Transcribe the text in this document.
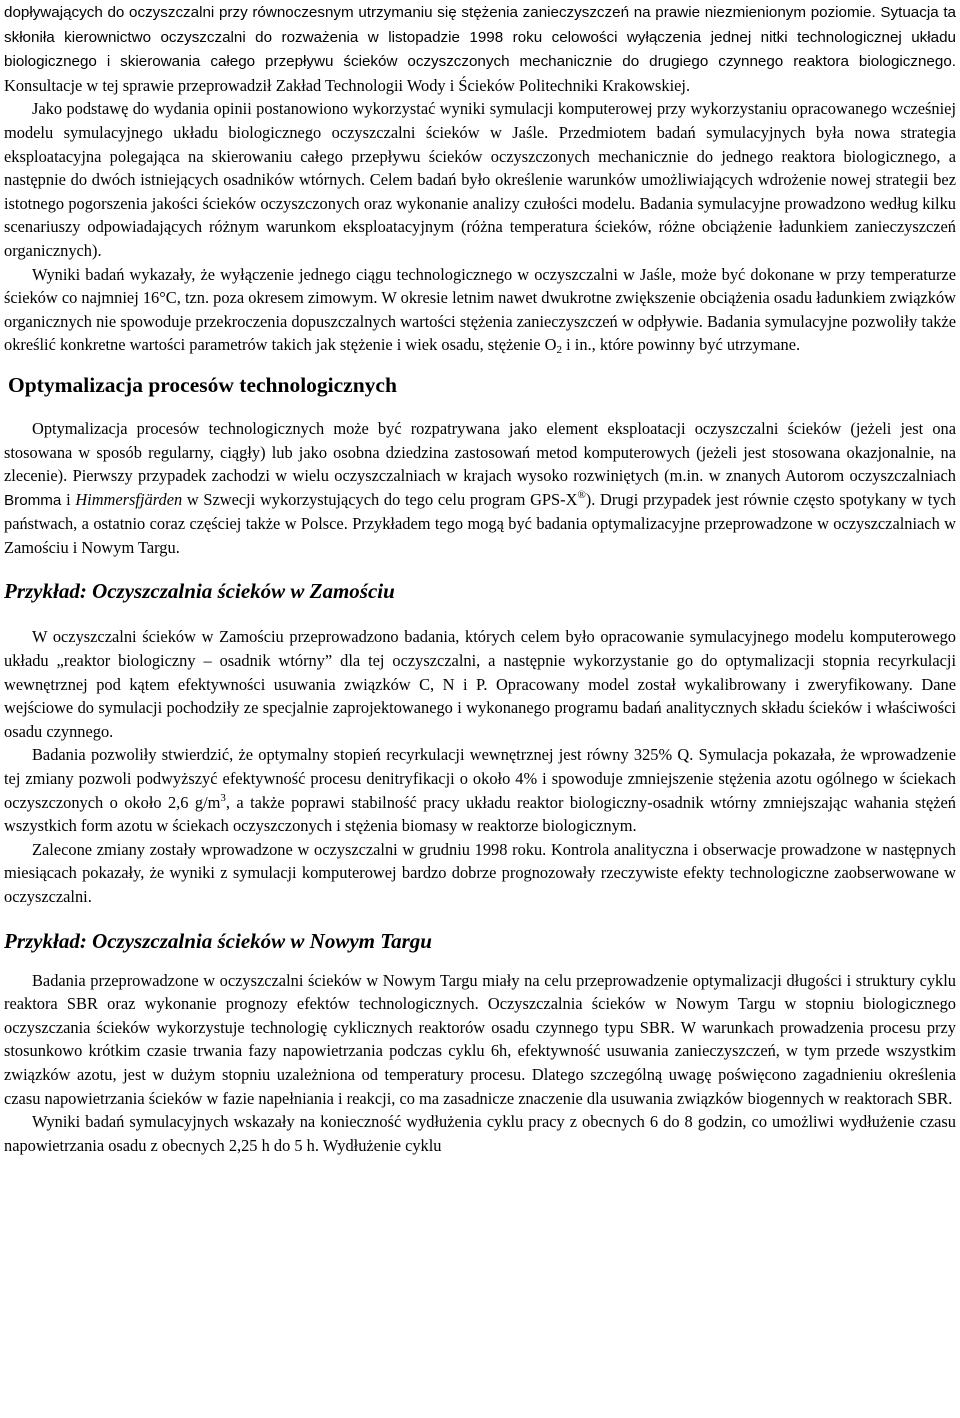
dopływających do oczyszczalni przy równoczesnym utrzymaniu się stężenia zanieczyszczeń na prawie niezmienionym poziomie. Sytuacja ta skłoniła kierownictwo oczyszczalni do rozważenia w listopadzie 1998 roku celowości wyłączenia jednej nitki technologicznej układu biologicznego i skierowania całego przepływu ścieków oczyszczonych mechanicznie do drugiego czynnego reaktora biologicznego. Konsultacje w tej sprawie przeprowadził Zakład Technologii Wody i Ścieków Politechniki Krakowskiej.

Jako podstawę do wydania opinii postanowiono wykorzystać wyniki symulacji komputerowej przy wykorzystaniu opracowanego wcześniej modelu symulacyjnego układu biologicznego oczyszczalni ścieków w Jaśle. Przedmiotem badań symulacyjnych była nowa strategia eksploatacyjna polegająca na skierowaniu całego przepływu ścieków oczyszczonych mechanicznie do jednego reaktora biologicznego, a następnie do dwóch istniejących osadników wtórnych. Celem badań było określenie warunków umożliwiających wdrożenie nowej strategii bez istotnego pogorszenia jakości ścieków oczyszczonych oraz wykonanie analizy czułości modelu. Badania symulacyjne prowadzono według kilku scenariuszy odpowiadających różnym warunkom eksploatacyjnym (różna temperatura ścieków, różne obciążenie ładunkiem zanieczyszczeń organicznych).

Wyniki badań wykazały, że wyłączenie jednego ciągu technologicznego w oczyszczalni w Jaśle, może być dokonane w przy temperaturze ścieków co najmniej 16°C, tzn. poza okresem zimowym. W okresie letnim nawet dwukrotne zwiększenie obciążenia osadu ładunkiem związków organicznych nie spowoduje przekroczenia dopuszczalnych wartości stężenia zanieczyszczeń w odpływie. Badania symulacyjne pozwoliły także określić konkretne wartości parametrów takich jak stężenie i wiek osadu, stężenie $O_2$ i in., które powinny być utrzymane.

Optymalizacja procesów technologicznych

Optymalizacja procesów technologicznych może być rozpatrywana jako element eksploatacji oczyszczalni ścieków (jeżeli jest ona stosowana w sposób regularny, ciągły) lub jako osobna dziedzina zastosowań metod komputerowych (jeżeli jest stosowana okazjonalnie, na zlecenie). Pierwszy przypadek zachodzi w wielu oczyszczalniach w krajach wysoko rozwiniętych (m.in. w znanych Autorom oczyszczalniach Bromma i Himmersfjärden w Szwecji wykorzystujących do tego celu program GPS-X®). Drugi przypadek jest równie często spotykany w tych państwach, a ostatnio coraz częściej także w Polsce. Przykładem tego mogą być badania optymalizacyjne przeprowadzone w oczyszczalniach w Zamościu i Nowym Targu.

Przykład: Oczyszczalnia ścieków w Zamościu

W oczyszczalni ścieków w Zamościu przeprowadzono badania, których celem było opracowanie symulacyjnego modelu komputerowego układu „reaktor biologiczny – osadnik wtórny” dla tej oczyszczalni, a następnie wykorzystanie go do optymalizacji stopnia recyrkulacji wewnętrznej pod kątem efektywności usuwania związków C, N i P. Opracowany model został wykalibrowany i zweryfikowany. Dane wejściowe do symulacji pochodziły ze specjalnie zaprojektowanego i wykonanego programu badań analitycznych składu ścieków i właściwości osadu czynnego.

Badania pozwoliły stwierdzić, że optymalny stopień recyrkulacji wewnętrznej jest równy 325% Q. Symulacja pokazała, że wprowadzenie tej zmiany pozwoli podwyższyć efektywność procesu denitryfikacji o około 4% i spowoduje zmniejszenie stężenia azotu ogólnego w ściekach oczyszczonych o około 2,6 $g/m^3$, a także poprawi stabilność pracy układu reaktor biologiczny-osadnik wtórny zmniejszając wahania stężeń wszystkich form azotu w ściekach oczyszczonych i stężenia biomasy w reaktorze biologicznym.

Zalecone zmiany zostały wprowadzone w oczyszczalni w grudniu 1998 roku. Kontrola analityczna i obserwacje prowadzone w następnych miesiącach pokazały, że wyniki z symulacji komputerowej bardzo dobrze prognozowały rzeczywiste efekty technologiczne zaobserwowane w oczyszczalni.

Przykład: Oczyszczalnia ścieków w Nowym Targu

Badania przeprowadzone w oczyszczalni ścieków w Nowym Targu miały na celu przeprowadzenie optymalizacji długości i struktury cyklu reaktora SBR oraz wykonanie prognozy efektów technologicznych. Oczyszczalnia ścieków w Nowym Targu w stopniu biologicznego oczyszczania ścieków wykorzystuje technologię cyklicznych reaktorów osadu czynnego typu SBR. W warunkach prowadzenia procesu przy stosunkowo krótkim czasie trwania fazy napowietrzania podczas cyklu 6h, efektywność usuwania zanieczyszczeń, w tym przede wszystkim związków azotu, jest w dużym stopniu uzależniona od temperatury procesu. Dlatego szczególną uwagę poświęcono zagadnieniu określenia czasu napowietrzania ścieków w fazie napełniania i reakcji, co ma zasadnicze znaczenie dla usuwania związków biogennych w reaktorach SBR.

Wyniki badań symulacyjnych wskazały na konieczność wydłużenia cyklu pracy z obecnych 6 do 8 godzin, co umożliwi wydłużenie czasu napowietrzania osadu z obecnych 2,25 h do 5 h. Wydłużenie cyklu
